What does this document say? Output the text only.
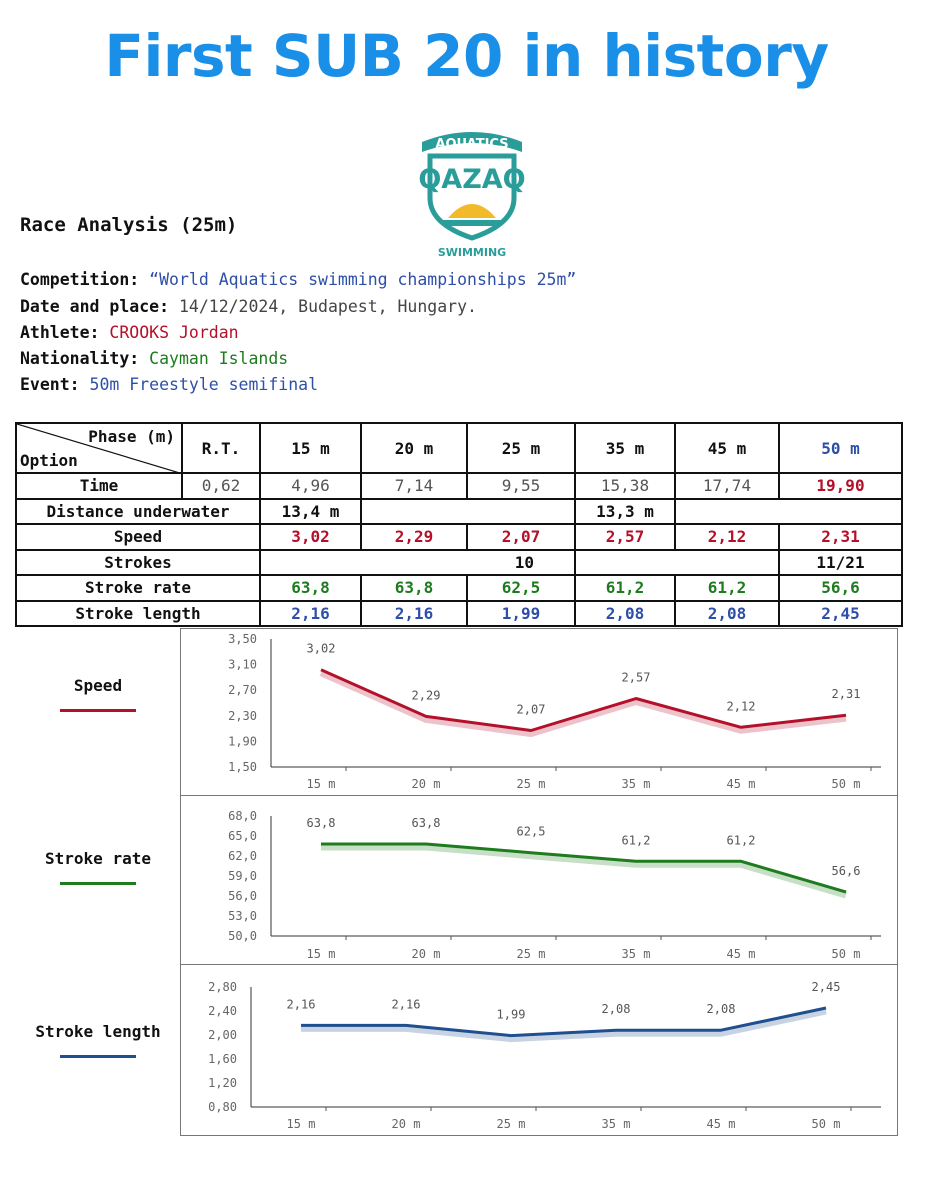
First SUB 20 in history
AQUATICS
QAZAQ
SWIMMING
Race Analysis (25m)
Competition: “World Aquatics swimming championships 25m”
Date and place: 14/12/2024, Budapest, Hungary.
Athlete: CROOKS Jordan
Nationality: Cayman Islands
Event: 50m Freestyle semifinal
Phase (m)
Option	R.T.	15 m	20 m	25 m	35 m	45 m	50 m
Time	0,62	4,96	7,14	9,55	15,38	17,74	19,90
Distance underwater		13,4 m			13,3 m		
Speed		3,02	2,29	2,07	2,57	2,12	2,31
Strokes		10					11/21
Stroke rate		63,8	63,8	62,5	61,2	61,2	56,6
Stroke length		2,16	2,16	1,99	2,08	2,08	2,45
Speed
1,50
1,90
2,30
2,70
3,10
3,50
15 m	20 m	25 m	35 m	45 m	50 m
3,02
2,29
2,07
2,57
2,12
2,31
Stroke rate
50,0
53,0
56,0
59,0
62,0
65,0
68,0
15 m	20 m	25 m	35 m	45 m	50 m
63,8	63,8
62,5
61,2	61,2
56,6
Stroke length
0,80
1,20
1,60
2,00
2,40
2,80
15 m	20 m	25 m	35 m	45 m	50 m
2,16	2,16
1,99	2,08	2,08
2,45
